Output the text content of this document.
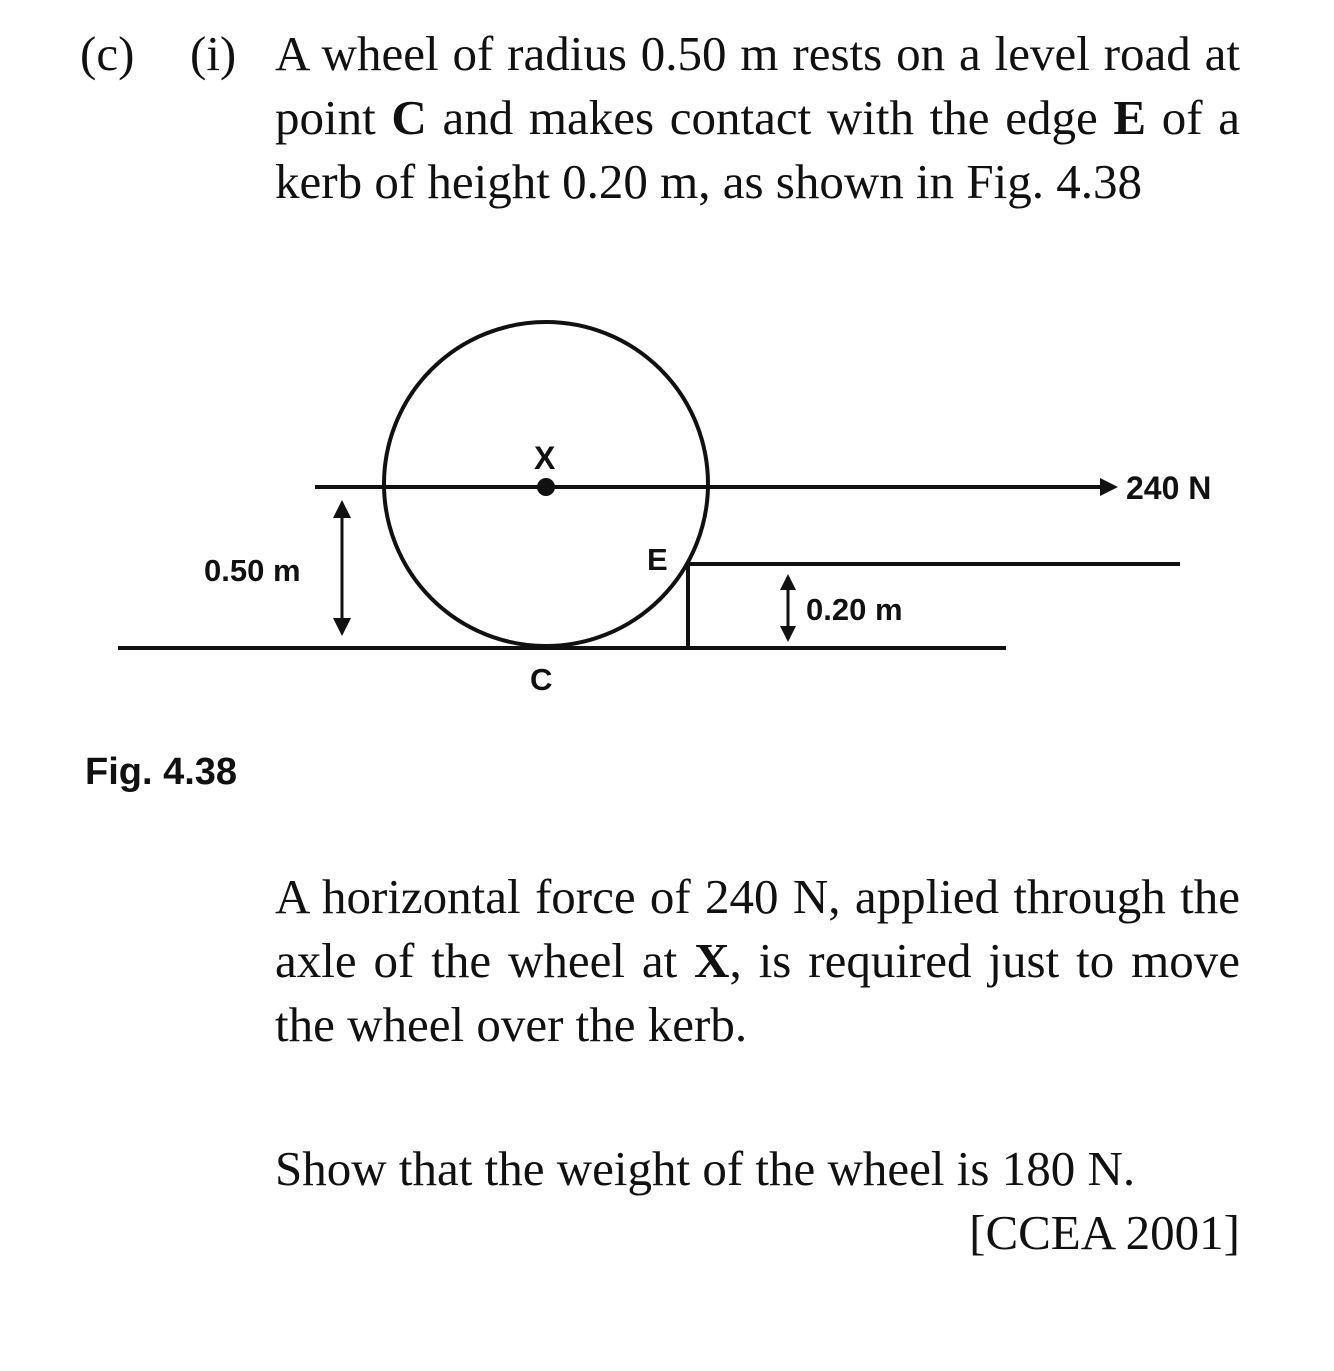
(c) (i) A wheel of radius 0.50 m rests on a level road at point C and makes contact with the edge E of a kerb of height 0.20 m, as shown in Fig. 4.38

X
240 N
0.50 m	E
0.20 m
C
Fig. 4.38

A horizontal force of 240 N, applied through the axle of the wheel at X, is required just to move the wheel over the kerb.

Show that the weight of the wheel is 180 N.
[CCEA 2001]
